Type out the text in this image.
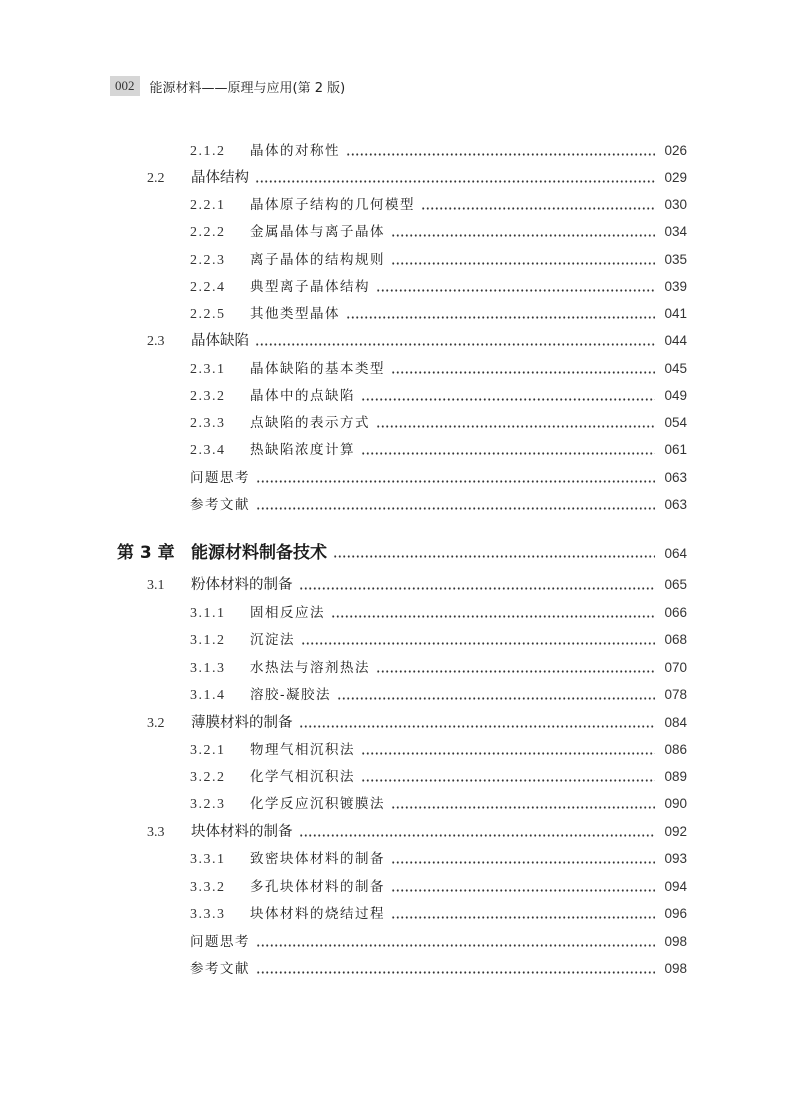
002	能源材料——原理与应用(第 2 版)
2.1.2	晶体的对称性	026
2.2	晶体结构	029
2.2.1	晶体原子结构的几何模型	030
2.2.2	金属晶体与离子晶体	034
2.2.3	离子晶体的结构规则	035
2.2.4	典型离子晶体结构	039
2.2.5	其他类型晶体	041
2.3	晶体缺陷	044
2.3.1	晶体缺陷的基本类型	045
2.3.2	晶体中的点缺陷	049
2.3.3	点缺陷的表示方式	054
2.3.4	热缺陷浓度计算	061
问题思考	063
参考文献	063
第 3 章 能源材料制备技术	064
3.1	粉体材料的制备	065
3.1.1	固相反应法	066
3.1.2	沉淀法	068
3.1.3	水热法与溶剂热法	070
3.1.4	溶胶-凝胶法	078
3.2	薄膜材料的制备	084
3.2.1	物理气相沉积法	086
3.2.2	化学气相沉积法	089
3.2.3	化学反应沉积镀膜法	090
3.3	块体材料的制备	092
3.3.1	致密块体材料的制备	093
3.3.2	多孔块体材料的制备	094
3.3.3	块体材料的烧结过程	096
问题思考	098
参考文献	098
